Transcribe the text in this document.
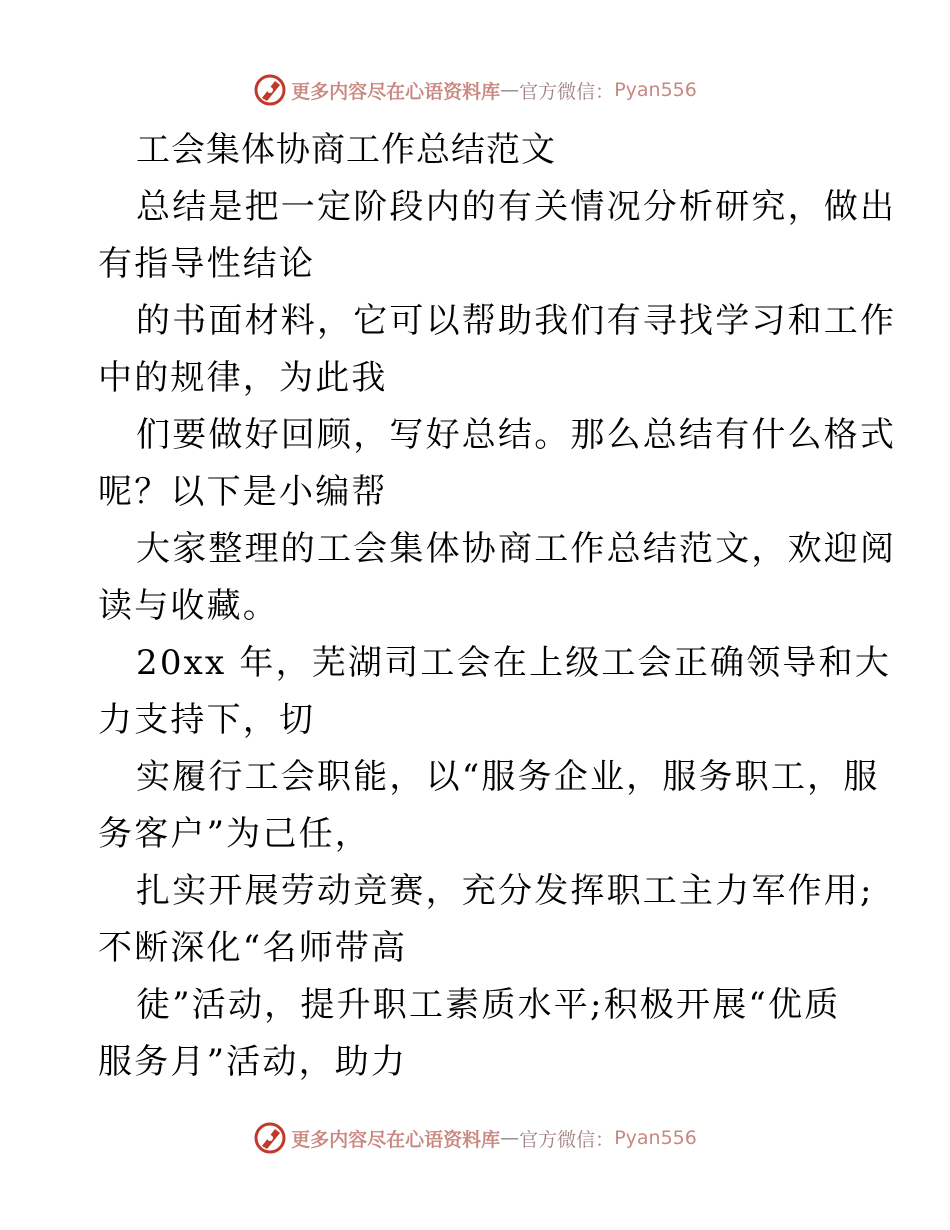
更多内容尽在心语资料库 — 官方微信： Pyan556
工会集体协商工作总结范文
总结是把一定阶段内的有关情况分析研究，做出
有指导性结论
的书面材料，它可以帮助我们有寻找学习和工作
中的规律，为此我
们要做好回顾，写好总结。那么总结有什么格式
呢？以下是小编帮
大家整理的工会集体协商工作总结范文，欢迎阅
读与收藏。
20xx 年，芜湖司工会在上级工会正确领导和大
力支持下，切
实履行工会职能，以“服务企业，服务职工，服
务客户”为己任，
扎实开展劳动竞赛，充分发挥职工主力军作用;
不断深化“名师带高
徒”活动，提升职工素质水平;积极开展“优质
服务月”活动，助力
更多内容尽在心语资料库 — 官方微信： Pyan556
